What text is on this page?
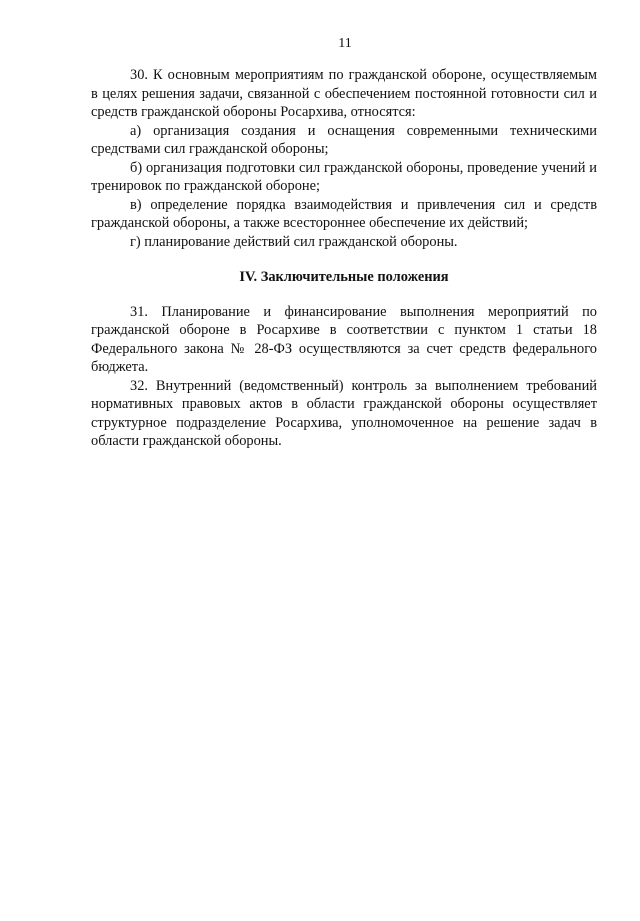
11

30. К основным мероприятиям по гражданской обороне, осуществляемым в целях решения задачи, связанной с обеспечением постоянной готовности сил и средств гражданской обороны Росархива, относятся:

а) организация создания и оснащения современными техническими средствами сил гражданской обороны;

б) организация подготовки сил гражданской обороны, проведение учений и тренировок по гражданской обороне;

в) определение порядка взаимодействия и привлечения сил и средств гражданской обороны, а также всестороннее обеспечение их действий;

г) планирование действий сил гражданской обороны.

IV. Заключительные положения

31. Планирование и финансирование выполнения мероприятий по гражданской обороне в Росархиве в соответствии с пунктом 1 статьи 18 Федерального закона № 28-ФЗ осуществляются за счет средств федерального бюджета.

32. Внутренний (ведомственный) контроль за выполнением требований нормативных правовых актов в области гражданской обороны осуществляет структурное подразделение Росархива, уполномоченное на решение задач в области гражданской обороны.
